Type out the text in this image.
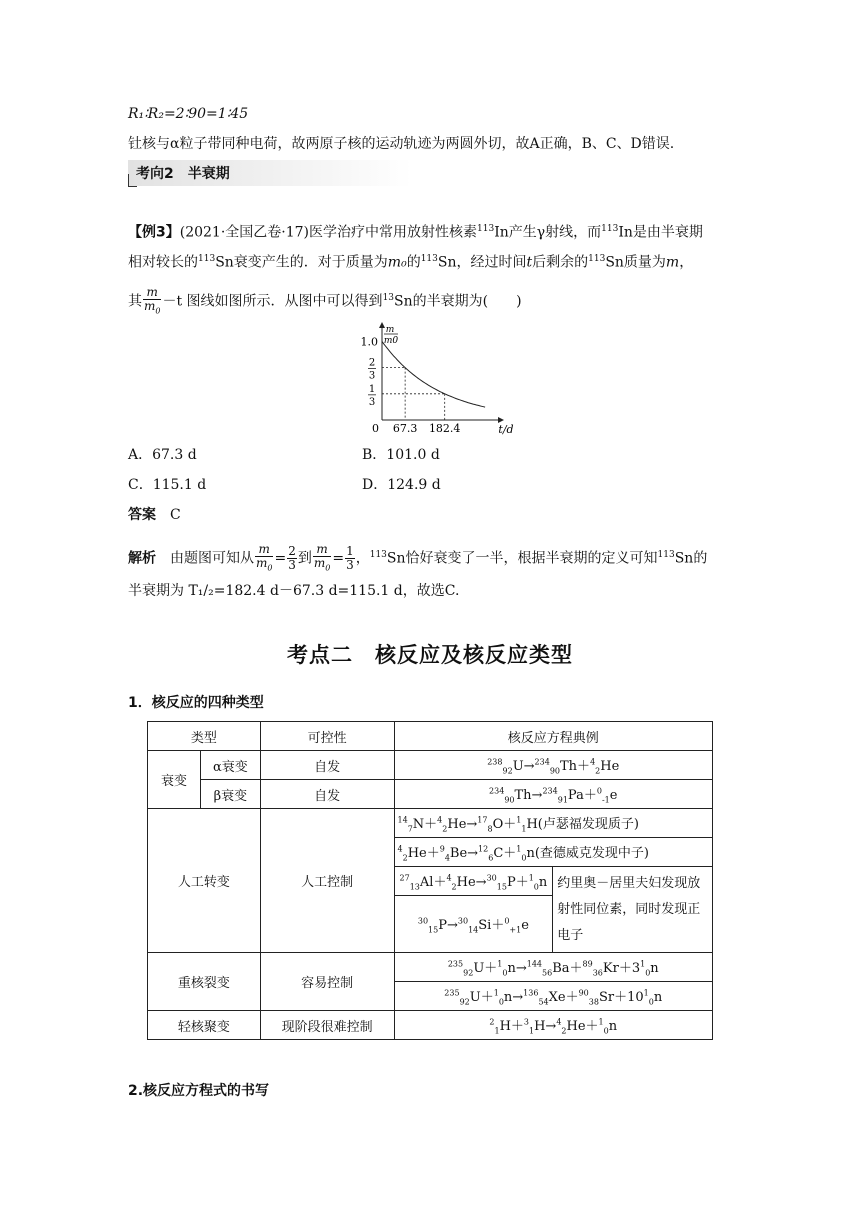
R₁∶R₂=2∶90=1∶45
钍核与α粒子带同种电荷，故两原子核的运动轨迹为两圆外切，故A正确，B、C、D错误.
考向2　半衰期
【例3】(2021·全国乙卷·17)医学治疗中常用放射性核素$^{113}$In产生γ射线，而$^{113}$In是由半衰期
相对较长的$^{113}$Sn衰变产生的．对于质量为m₀的$^{113}$Sn，经过时间t后剩余的$^{113}$Sn质量为m，
其 $\frac{m}{m_0} -t$ 图线如图所示．从图中可以得到$^{13}$Sn的半衰期为(　　)
1.0
2
3
1
3
0 67.3 182.4	t/d
m
m0
A．67.3 d	B．101.0 d
C．115.1 d	D．124.9 d
答案　 C
解析　 由题图可知从 $\frac{m}{m_0} = \frac{2}{3}$ 到 $\frac{m}{m_0} = \frac{1}{3}$ ，$^{113}$Sn恰好衰变了一半，根据半衰期的定义可知$^{113}$Sn的
半衰期为 T₁/₂=182.4 d－67.3 d=115.1 d，故选C.
考点二　核反应及核反应类型
1．核反应的四种类型
类型		可控性	核反应方程典例	
衰变	α衰变	自发	$^{238}_{92}$U→$^{234}_{90}$Th＋$^4_2$He	
	β衰变	自发	$^{234}_{90}$Th→$^{234}_{91}$Pa＋$^0_{-1}$e	
人工转变		人工控制	$^{14}_7$N＋$^4_2$He→$^{17}_8$O＋$^1_1$H(卢瑟福发现质子)	
			$^4_2$He＋$^9_4$Be→$^{12}_6$C＋$^1_0$n(查德威克发现中子)	
			$^{27}_{13}$Al＋$^4_2$He→$^{30}_{15}$P＋$^1_0$n	约里奥－居里夫妇发现放射性同位素，同时发现正电子
			$^{30}_{15}$P→$^{30}_{14}$Si＋$^0_{+1}$e	
重核裂变		容易控制	$^{235}_{92}U+^1_0n\to^{144}_{56}Ba+^{89}_{36}Kr+3^1_0n$	
			$^{235}_{92}U+^1_0n\to^{136}_{54}Xe+^{90}_{38}Sr+10^1_0n$	
轻核聚变		现阶段很难控制	$^2_1$H＋$^3_1$H→$^4_2$He＋$^1_0$n	
2.核反应方程式的书写
